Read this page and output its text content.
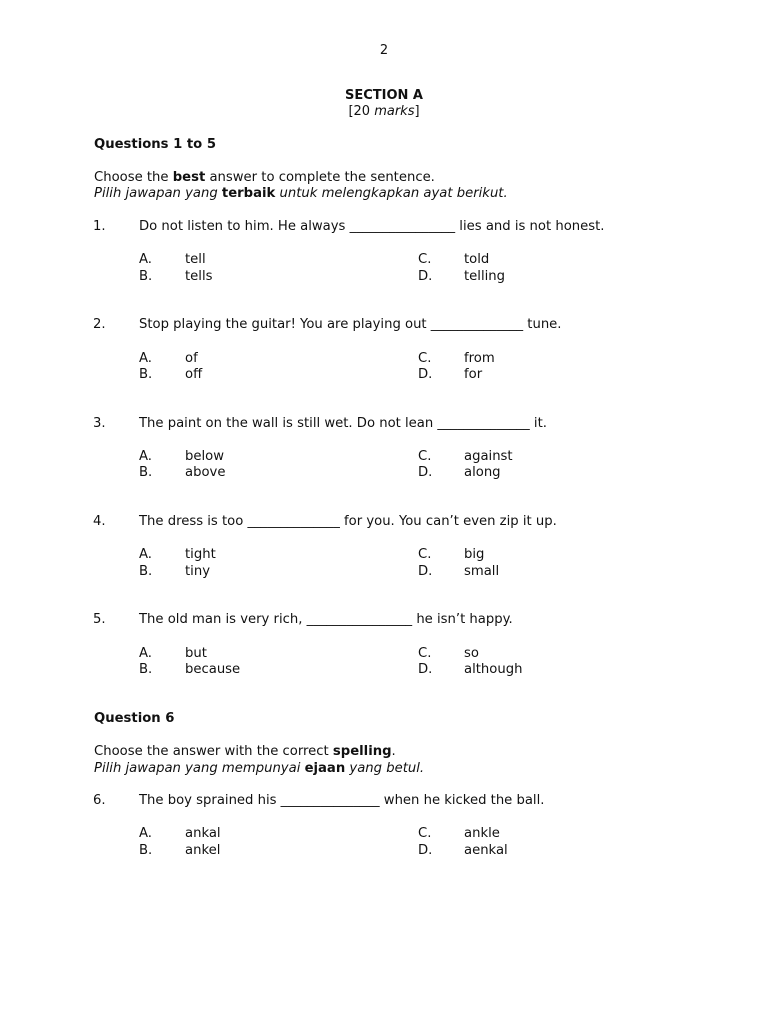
2
SECTION A
[20 marks]
Questions 1 to 5
Choose the best answer to complete the sentence.
Pilih jawapan yang terbaik untuk melengkapkan ayat berikut.
1.	Do not listen to him. He always ________________ lies and is not honest.
A.	tell	C. told
B. tells	D. telling
2.	Stop playing the guitar! You are playing out ______________ tune.
A.	of	C. from
B. off	D. for
3.	The paint on the wall is still wet. Do not lean ______________ it.
A.	below	C. against
B. above	D. along
4.	The dress is too ______________ for you. You can’t even zip it up.
A.	tight	C. big
B. tiny	D. small
5.	The old man is very rich, ________________ he isn’t happy.
A.	but	C. so
B. because	D. although
Question 6
Choose the answer with the correct spelling.
Pilih jawapan yang mempunyai ejaan yang betul.
6.	The boy sprained his _______________ when he kicked the ball.
A.	ankal	C. ankle
B. ankel	D. aenkal
